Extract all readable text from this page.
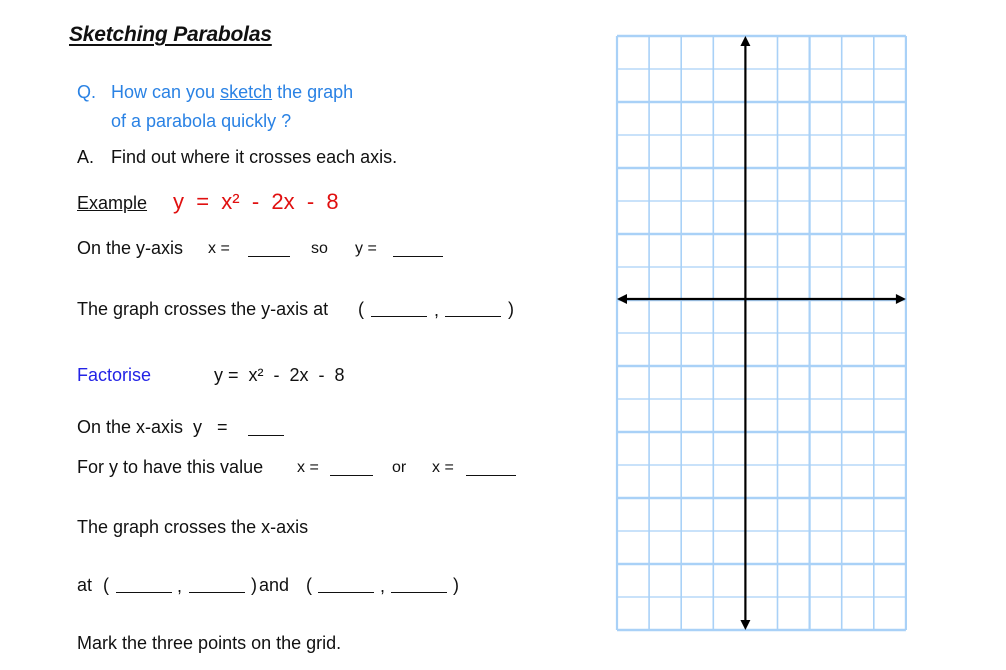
Sketching Parabolas
Q. How can you sketch the graph
of a parabola quickly ?
A. Find out where it crosses each axis.
Example y  =  x²  -  2x  -  8
On the y-axis x =	so y =
The graph crosses the y-axis at (	,	)
Factorise	y =  x²  -  2x  -  8
On the x-axis  y   =
For y to have this value x =	or x =
The graph crosses the x-axis
at (	,	) and (	,	)
Mark the three points on the grid.
